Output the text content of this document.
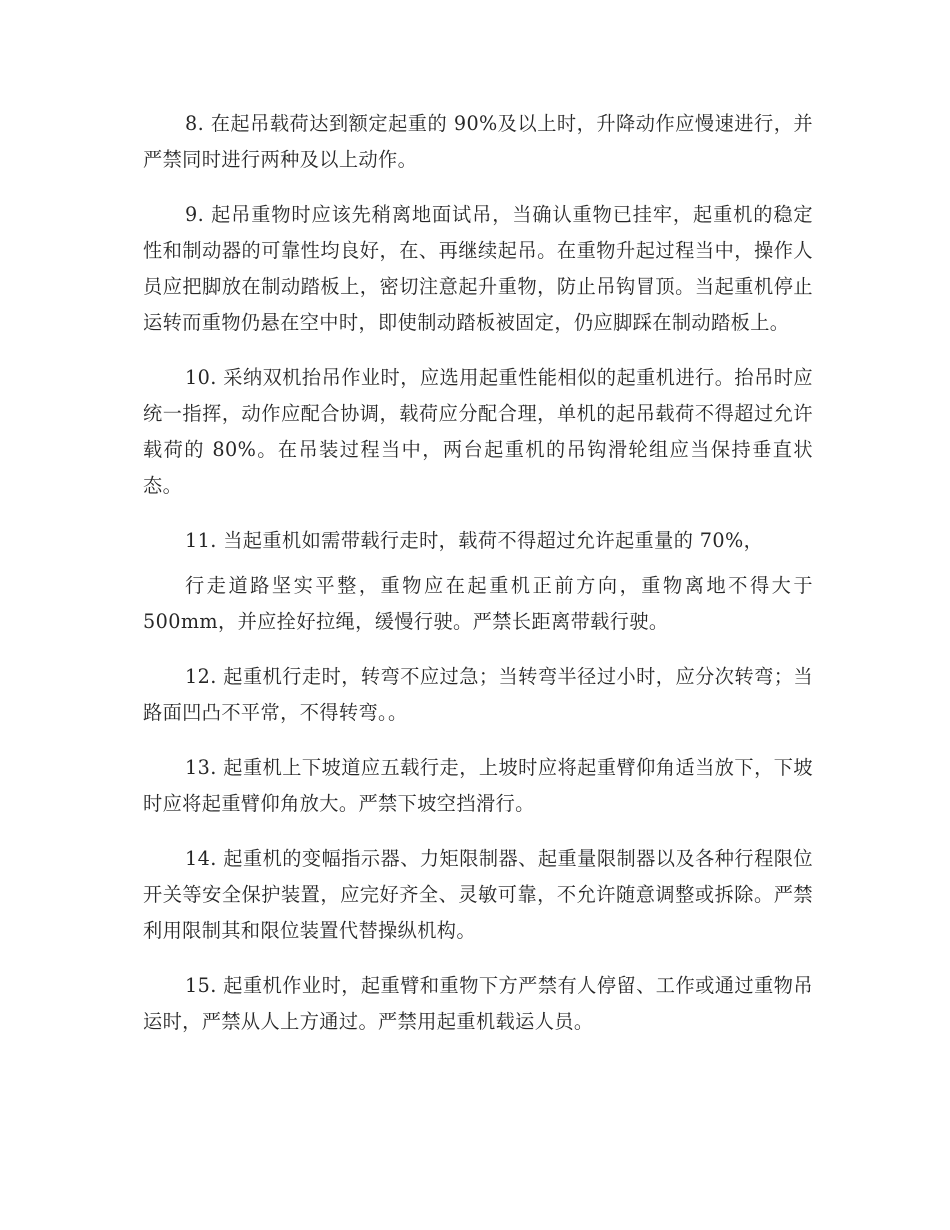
8. 在起吊载荷达到额定起重的 90%及以上时，升降动作应慢速进行，并严禁同时进行两种及以上动作。

9. 起吊重物时应该先稍离地面试吊，当确认重物已挂牢，起重机的稳定性和制动器的可靠性均良好，在、再继续起吊。在重物升起过程当中，操作人员应把脚放在制动踏板上，密切注意起升重物，防止吊钩冒顶。当起重机停止运转而重物仍悬在空中时，即使制动踏板被固定，仍应脚踩在制动踏板上。

10. 采纳双机抬吊作业时，应选用起重性能相似的起重机进行。抬吊时应统一指挥，动作应配合协调，载荷应分配合理，单机的起吊载荷不得超过允许载荷的 80%。在吊装过程当中，两台起重机的吊钩滑轮组应当保持垂直状态。

11. 当起重机如需带载行走时，载荷不得超过允许起重量的 70%，

行走道路坚实平整，重物应在起重机正前方向，重物离地不得大于 500mm，并应拴好拉绳，缓慢行驶。严禁长距离带载行驶。

12. 起重机行走时，转弯不应过急；当转弯半径过小时，应分次转弯；当路面凹凸不平常，不得转弯。。

13. 起重机上下坡道应五载行走，上坡时应将起重臂仰角适当放下，下坡时应将起重臂仰角放大。严禁下坡空挡滑行。

14. 起重机的变幅指示器、力矩限制器、起重量限制器以及各种行程限位开关等安全保护装置，应完好齐全、灵敏可靠，不允许随意调整或拆除。严禁利用限制其和限位装置代替操纵机构。

15. 起重机作业时，起重臂和重物下方严禁有人停留、工作或通过重物吊运时，严禁从人上方通过。严禁用起重机载运人员。
